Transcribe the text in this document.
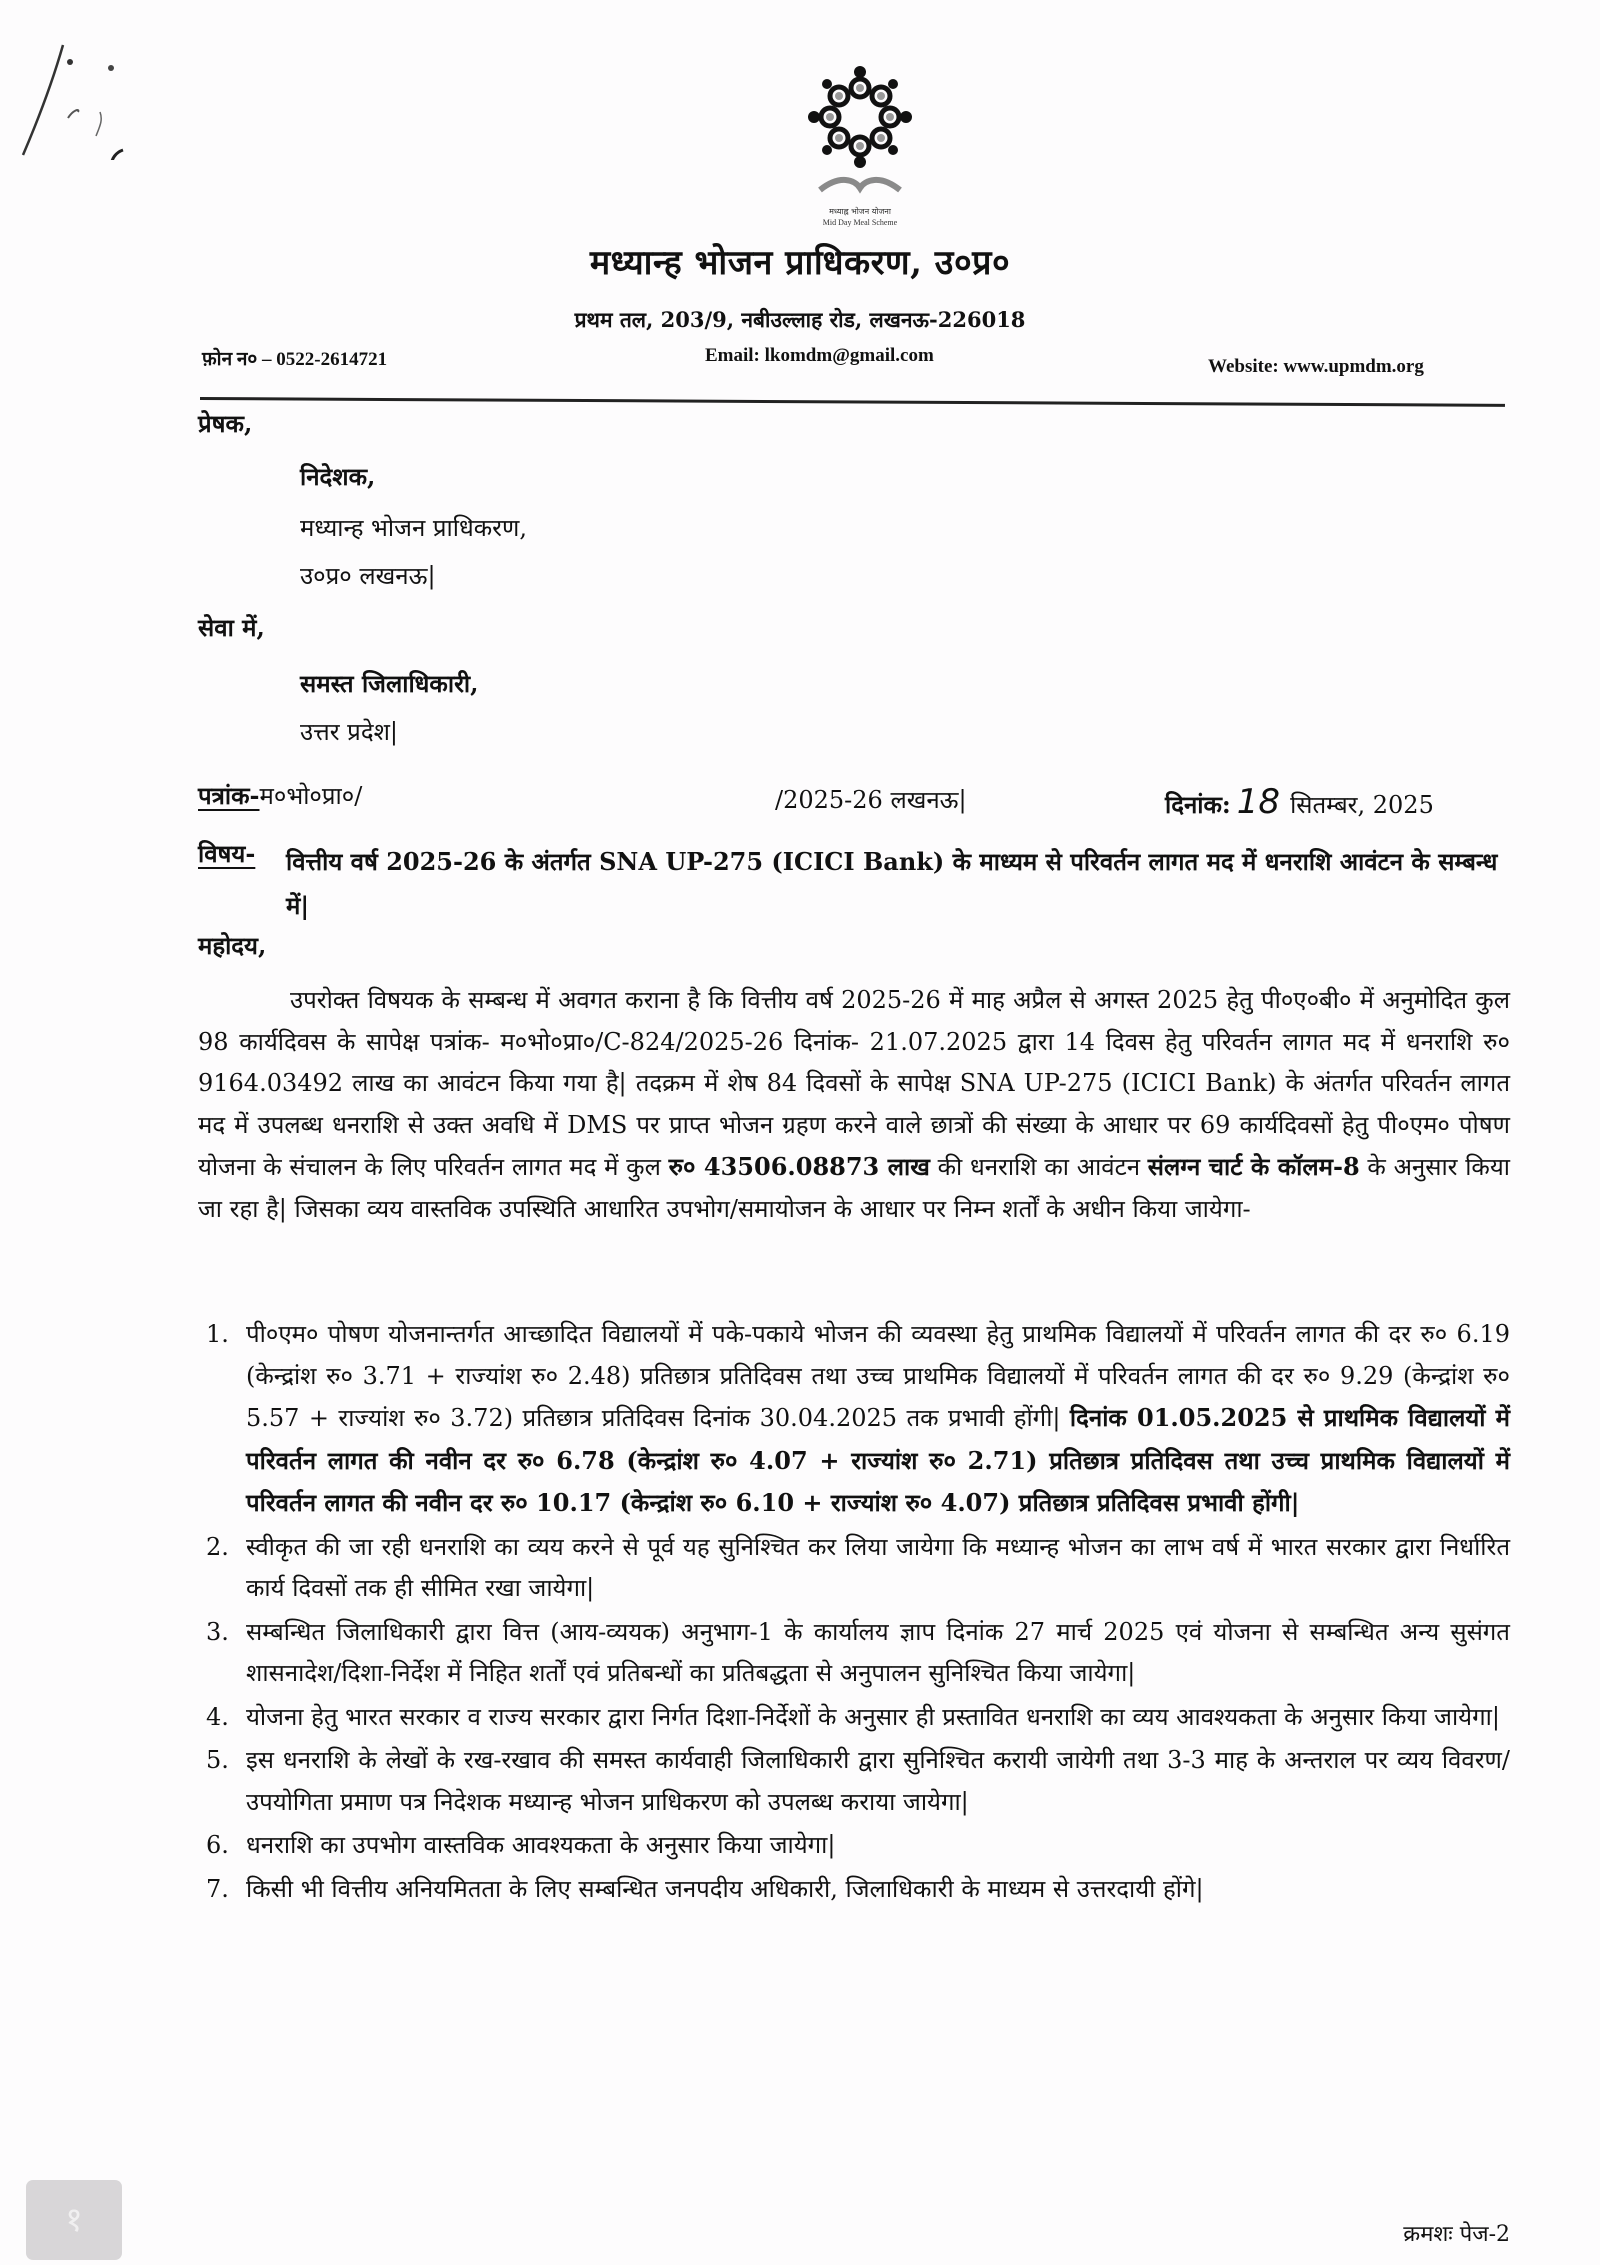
मध्याह्न भोजन योजना
Mid Day Meal Scheme
मध्यान्ह भोजन प्राधिकरण, उ०प्र०
प्रथम तल, 203/9, नबीउल्लाह रोड, लखनऊ-226018
फ़ोन न० – 0522-2614721	Email: lkomdm@gmail.com
Website: www.upmdm.org
प्रेषक,
निदेशक,
मध्यान्ह भोजन प्राधिकरण,
उ०प्र० लखनऊ|
सेवा में,
समस्त जिलाधिकारी,
उत्तर प्रदेश|
पत्रांक-म०भो०प्रा०/	/2025-26 लखनऊ|	दिनांक: 18 सितम्बर, 2025
विषय- वित्तीय वर्ष 2025-26 के अंतर्गत SNA UP-275 (ICICI Bank) के माध्यम से परिवर्तन लागत मद में धनराशि आवंटन के सम्बन्ध में|
महोदय,
उपरोक्त विषयक के सम्बन्ध में अवगत कराना है कि वित्तीय वर्ष 2025-26 में माह अप्रैल से अगस्त 2025 हेतु पी०ए०बी० में अनुमोदित कुल 98 कार्यदिवस के सापेक्ष पत्रांक- म०भो०प्रा०/C-824/2025-26 दिनांक- 21.07.2025 द्वारा 14 दिवस हेतु परिवर्तन लागत मद में धनराशि रु० 9164.03492 लाख का आवंटन किया गया है| तदक्रम में शेष 84 दिवसों के सापेक्ष SNA UP-275 (ICICI Bank) के अंतर्गत परिवर्तन लागत मद में उपलब्ध धनराशि से उक्त अवधि में DMS पर प्राप्त भोजन ग्रहण करने वाले छात्रों की संख्या के आधार पर 69 कार्यदिवसों हेतु पी०एम० पोषण योजना के संचालन के लिए परिवर्तन लागत मद में कुल रु० 43506.08873 लाख की धनराशि का आवंटन संलग्न चार्ट के कॉलम-8 के अनुसार किया जा रहा है| जिसका व्यय वास्तविक उपस्थिति आधारित उपभोग/समायोजन के आधार पर निम्न शर्तों के अधीन किया जायेगा-
1. पी०एम० पोषण योजनान्तर्गत आच्छादित विद्यालयों में पके-पकाये भोजन की व्यवस्था हेतु प्राथमिक विद्यालयों में परिवर्तन लागत की दर रु० 6.19 (केन्द्रांश रु० 3.71 + राज्यांश रु० 2.48) प्रतिछात्र प्रतिदिवस तथा उच्च प्राथमिक विद्यालयों में परिवर्तन लागत की दर रु० 9.29 (केन्द्रांश रु० 5.57 + राज्यांश रु० 3.72) प्रतिछात्र प्रतिदिवस दिनांक 30.04.2025 तक प्रभावी होंगी| दिनांक 01.05.2025 से प्राथमिक विद्यालयों में परिवर्तन लागत की नवीन दर रु० 6.78 (केन्द्रांश रु० 4.07 + राज्यांश रु० 2.71) प्रतिछात्र प्रतिदिवस तथा उच्च प्राथमिक विद्यालयों में परिवर्तन लागत की नवीन दर रु० 10.17 (केन्द्रांश रु० 6.10 + राज्यांश रु० 4.07) प्रतिछात्र प्रतिदिवस प्रभावी होंगी|
2. स्वीकृत की जा रही धनराशि का व्यय करने से पूर्व यह सुनिश्चित कर लिया जायेगा कि मध्यान्ह भोजन का लाभ वर्ष में भारत सरकार द्वारा निर्धारित कार्य दिवसों तक ही सीमित रखा जायेगा|
3. सम्बन्धित जिलाधिकारी द्वारा वित्त (आय-व्ययक) अनुभाग-1 के कार्यालय ज्ञाप दिनांक 27 मार्च 2025 एवं योजना से सम्बन्धित अन्य सुसंगत शासनादेश/दिशा-निर्देश में निहित शर्तों एवं प्रतिबन्धों का प्रतिबद्धता से अनुपालन सुनिश्चित किया जायेगा|
4. योजना हेतु भारत सरकार व राज्य सरकार द्वारा निर्गत दिशा-निर्देशों के अनुसार ही प्रस्तावित धनराशि का व्यय आवश्यकता के अनुसार किया जायेगा|
5. इस धनराशि के लेखों के रख-रखाव की समस्त कार्यवाही जिलाधिकारी द्वारा सुनिश्चित करायी जायेगी तथा 3-3 माह के अन्तराल पर व्यय विवरण/उपयोगिता प्रमाण पत्र निदेशक मध्यान्ह भोजन प्राधिकरण को उपलब्ध कराया जायेगा|
6. धनराशि का उपभोग वास्तविक आवश्यकता के अनुसार किया जायेगा|
7. किसी भी वित्तीय अनियमितता के लिए सम्बन्धित जनपदीय अधिकारी, जिलाधिकारी के माध्यम से उत्तरदायी होंगे|
क्रमशः पेज-2
१
